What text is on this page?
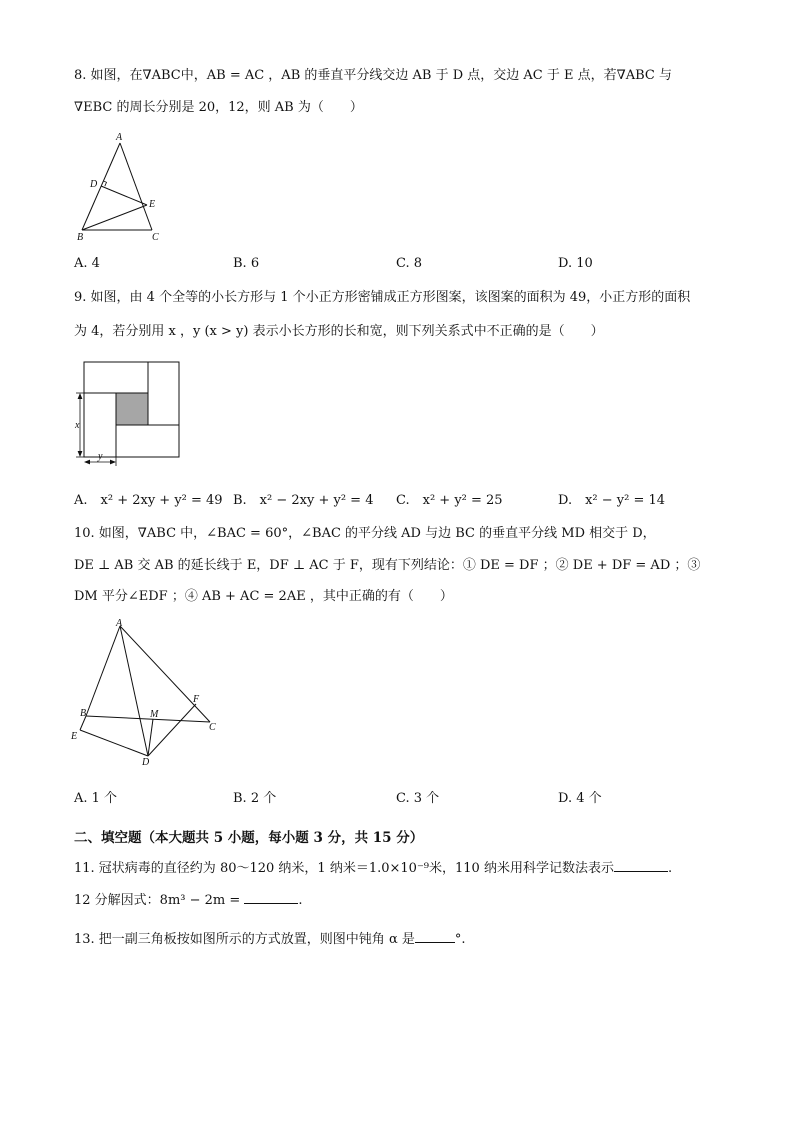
8. 如图，在∇ABC中，AB = AC ，AB 的垂直平分线交边 AB 于 D 点，交边 AC 于 E 点，若∇ABC 与
∇EBC 的周长分别是 20，12，则 AB 为（　　）
A
B	C
D
E
A. 4	B. 6	C. 8	D. 10
9. 如图，由 4 个全等的小长方形与 1 个小正方形密铺成正方形图案，该图案的面积为 49，小正方形的面积
为 4，若分别用 x ，y (x > y) 表示小长方形的长和宽，则下列关系式中不正确的是（　　）
x
y
A.　x² + 2xy + y² = 49 B.　x² − 2xy + y² = 4 C.　x² + y² = 25	D.　x² − y² = 14
10. 如图，∇ABC 中，∠BAC = 60°，∠BAC 的平分线 AD 与边 BC 的垂直平分线 MD 相交于 D，
DE ⊥ AB 交 AB 的延长线于 E，DF ⊥ AC 于 F，现有下列结论：① DE = DF ；② DE + DF = AD ；③
DM 平分∠EDF ；④ AB + AC = 2AE ，其中正确的有（　　）
A
B
C
D
E
F
M
A. 1 个	B. 2 个	C. 3 个	D. 4 个
二、填空题（本大题共 5 小题，每小题 3 分，共 15 分）
11. 冠状病毒的直径约为 80～120 纳米，1 纳米＝1.0×10⁻⁹米，110 纳米用科学记数法表示	.
12 分解因式：8m³ − 2m =	.
13. 把一副三角板按如图所示的方式放置，则图中钝角 α 是	°.
